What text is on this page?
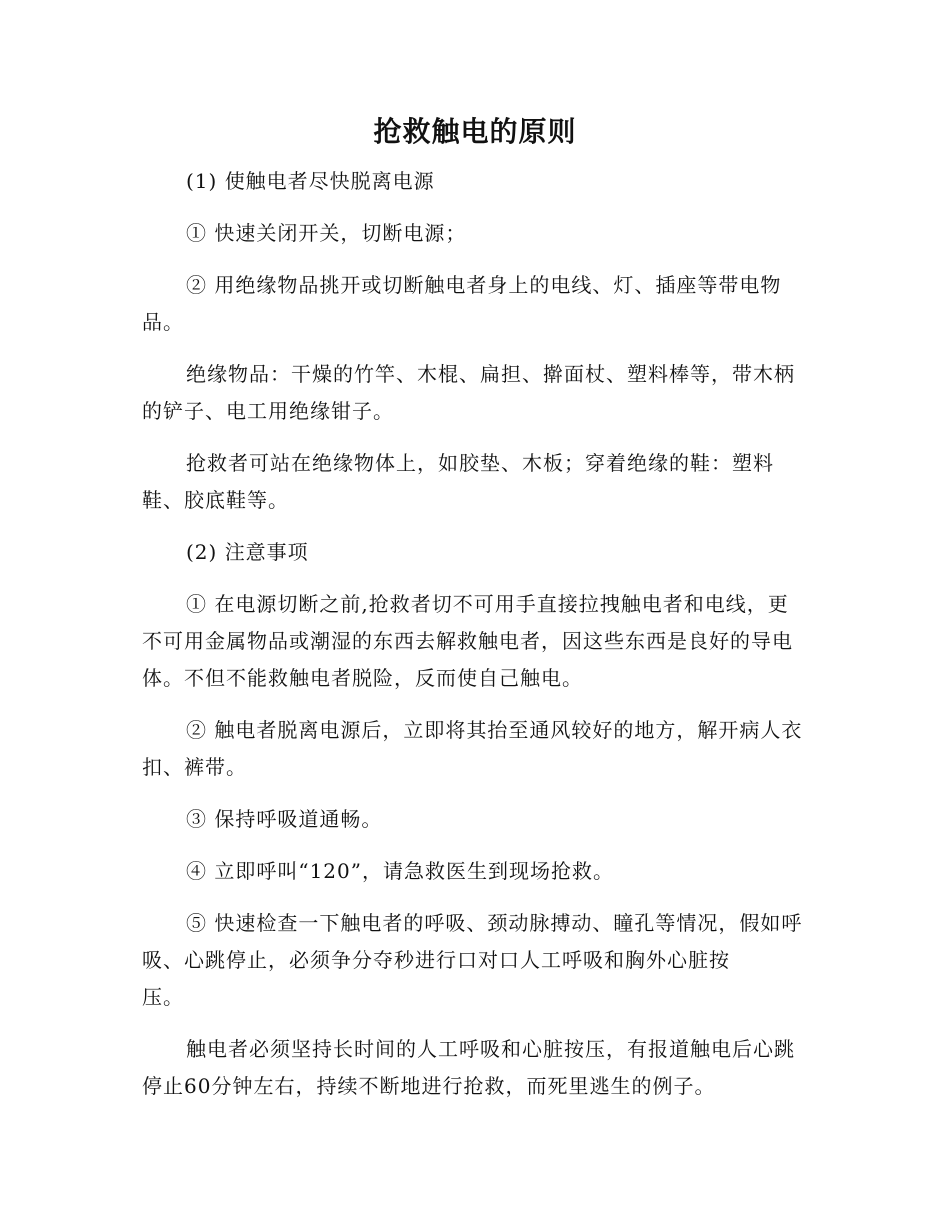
抢救触电的原则

(1) 使触电者尽快脱离电源

① 快速关闭开关，切断电源；

② 用绝缘物品挑开或切断触电者身上的电线、灯、插座等带电物品。

绝缘物品：干燥的竹竿、木棍、扁担、擀面杖、塑料棒等，带木柄的铲子、电工用绝缘钳子。

抢救者可站在绝缘物体上，如胶垫、木板；穿着绝缘的鞋：塑料鞋、胶底鞋等。

(2) 注意事项

① 在电源切断之前,抢救者切不可用手直接拉拽触电者和电线，更不可用金属物品或潮湿的东西去解救触电者，因这些东西是良好的导电体。不但不能救触电者脱险，反而使自己触电。

② 触电者脱离电源后，立即将其抬至通风较好的地方，解开病人衣扣、裤带。

③ 保持呼吸道通畅。

④ 立即呼叫“120”，请急救医生到现场抢救。

⑤ 快速检查一下触电者的呼吸、颈动脉搏动、瞳孔等情况，假如呼吸、心跳停止，必须争分夺秒进行口对口人工呼吸和胸外心脏按
压。

触电者必须坚持长时间的人工呼吸和心脏按压，有报道触电后心跳停止60分钟左右，持续不断地进行抢救，而死里逃生的例子。
